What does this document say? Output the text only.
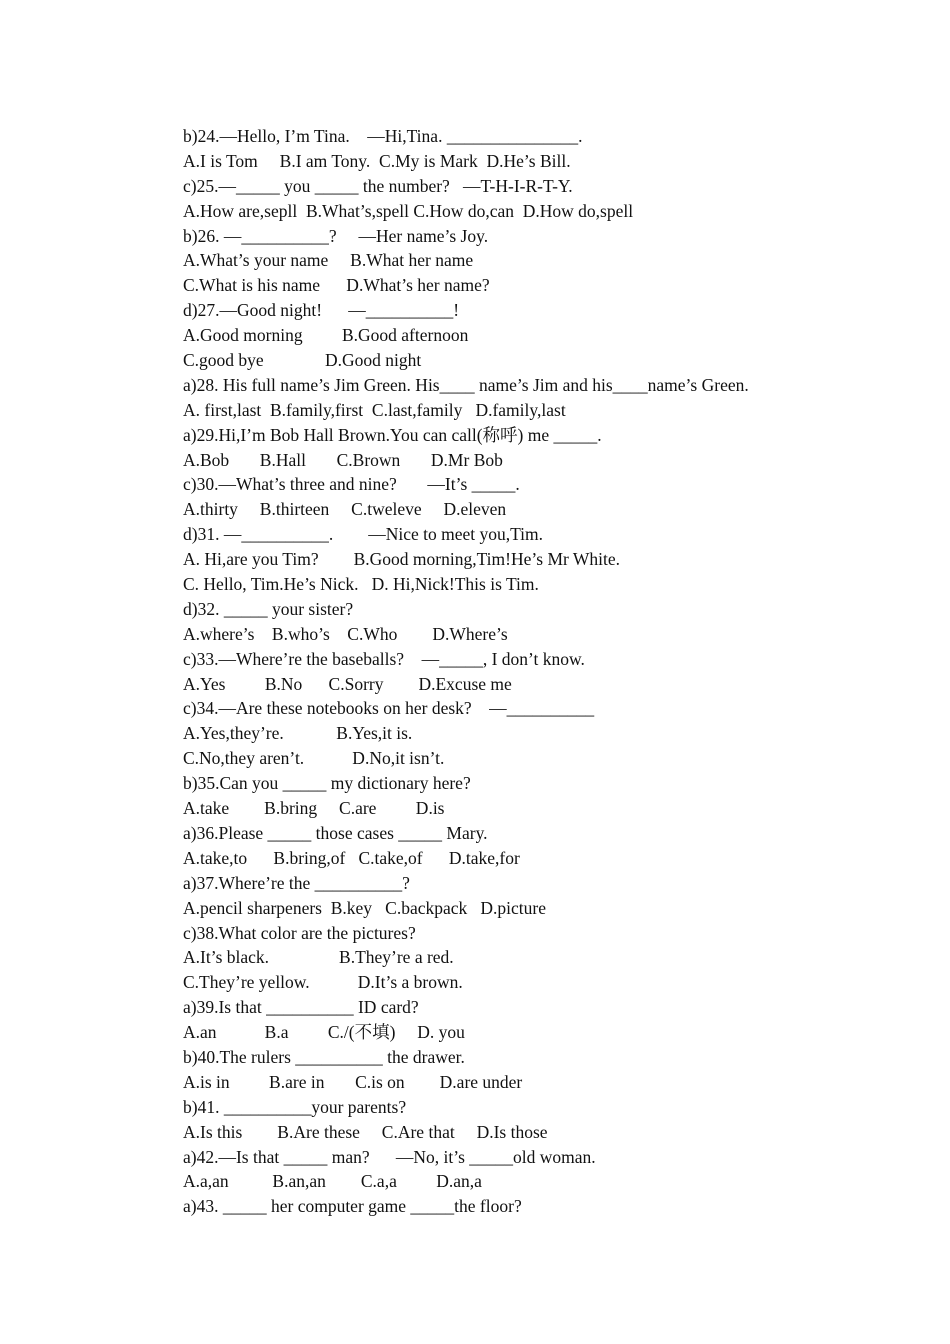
b)24.—Hello, I’m Tina.    —Hi,Tina. _______________.
A.I is Tom     B.I am Tony.  C.My is Mark  D.He’s Bill.
c)25.—_____ you _____ the number?   —T-H-I-R-T-Y.
A.How are,sepll  B.What’s,spell C.How do,can  D.How do,spell
b)26. —__________?     —Her name’s Joy.
A.What’s your name     B.What her name
C.What is his name      D.What’s her name?
d)27.—Good night!      —__________!
A.Good morning         B.Good afternoon
C.good bye              D.Good night
a)28. His full name’s Jim Green. His____ name’s Jim and his____name’s Green.
A. first,last  B.family,first  C.last,family   D.family,last
a)29.Hi,I’m Bob Hall Brown.You can call(称呼) me _____.
A.Bob       B.Hall       C.Brown       D.Mr Bob
c)30.—What’s three and nine?       —It’s _____.
A.thirty     B.thirteen     C.tweleve     D.eleven
d)31. —__________.        —Nice to meet you,Tim.
A. Hi,are you Tim?        B.Good morning,Tim!He’s Mr White.
C. Hello, Tim.He’s Nick.   D. Hi,Nick!This is Tim.
d)32. _____ your sister?
A.where’s    B.who’s    C.Who        D.Where’s
c)33.—Where’re the baseballs?    —_____, I don’t know.
A.Yes         B.No      C.Sorry        D.Excuse me
c)34.—Are these notebooks on her desk?    —__________
A.Yes,they’re.            B.Yes,it is.
C.No,they aren’t.           D.No,it isn’t.
b)35.Can you _____ my dictionary here?
A.take        B.bring     C.are         D.is
a)36.Please _____ those cases _____ Mary.
A.take,to      B.bring,of   C.take,of      D.take,for
a)37.Where’re the __________?
A.pencil sharpeners  B.key   C.backpack   D.picture
c)38.What color are the pictures?
A.It’s black.                B.They’re a red.
C.They’re yellow.           D.It’s a brown.
a)39.Is that __________ ID card?
A.an           B.a         C./(不填)     D. you
b)40.The rulers __________ the drawer.
A.is in         B.are in       C.is on        D.are under
b)41. __________your parents?
A.Is this        B.Are these     C.Are that     D.Is those
a)42.—Is that _____ man?      —No, it’s _____old woman.
A.a,an          B.an,an        C.a,a         D.an,a
a)43. _____ her computer game _____the floor?
